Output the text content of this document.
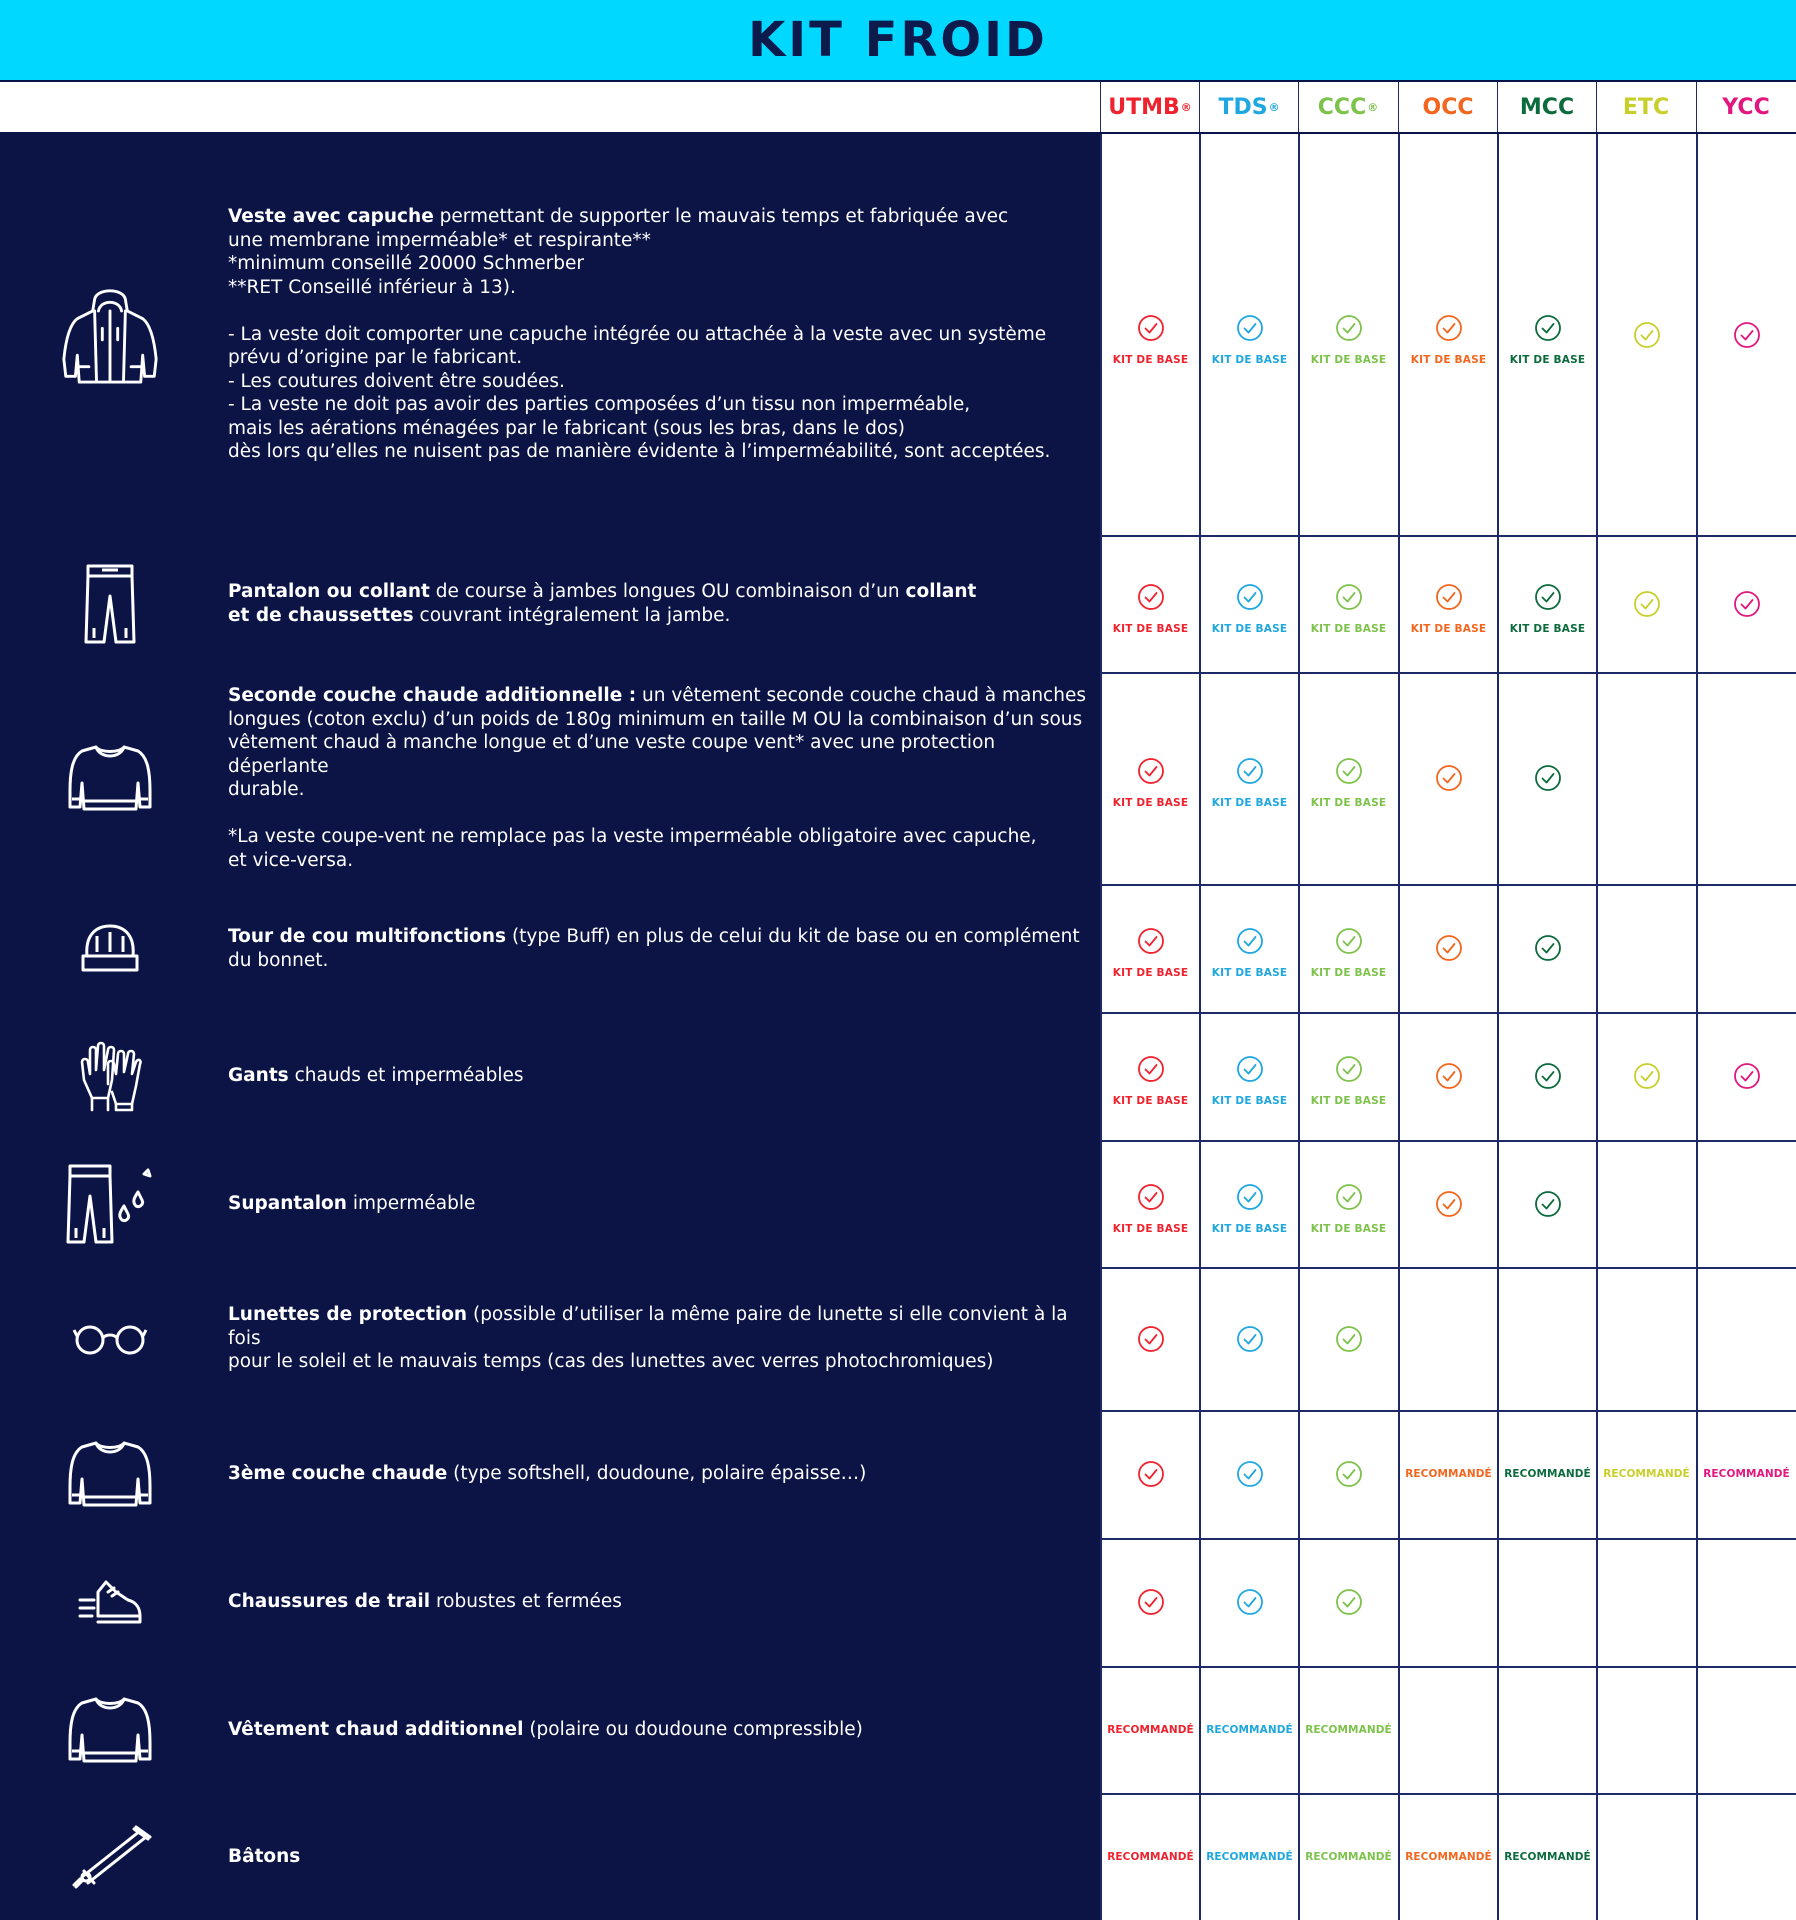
KIT FROID
UTMB ® TDS ® CCC ® OCC MCC ETC YCC
Veste avec capuche permettant de supporter le mauvais temps et fabriquée avec
une membrane imperméable* et respirante**
*minimum conseillé 20000 Schmerber
**RET Conseillé inférieur à 13).

- La veste doit comporter une capuche intégrée ou attachée à la veste avec un système
prévu d’origine par le fabricant.
- Les coutures doivent être soudées.
- La veste ne doit pas avoir des parties composées d’un tissu non imperméable,
mais les aérations ménagées par le fabricant (sous les bras, dans le dos)
dès lors qu’elles ne nuisent pas de manière évidente à l’imperméabilité, sont acceptées.
Pantalon ou collant de course à jambes longues OU combinaison d’un collant
et de chaussettes couvrant intégralement la jambe.
Seconde couche chaude additionnelle : un vêtement seconde couche chaud à manches
longues (coton exclu) d’un poids de 180g minimum en taille M OU la combinaison d’un sous
vêtement chaud à manche longue et d’une veste coupe vent* avec une protection déperlante
durable.

*La veste coupe-vent ne remplace pas la veste imperméable obligatoire avec capuche,
et vice-versa.
Tour de cou multifonctions (type Buff) en plus de celui du kit de base ou en complément
du bonnet.
Gants chauds et imperméables
Supantalon imperméable
Lunettes de protection (possible d’utiliser la même paire de lunette si elle convient à la fois
pour le soleil et le mauvais temps (cas des lunettes avec verres photochromiques)
3ème couche chaude (type softshell, doudoune, polaire épaisse…)
Chaussures de trail robustes et fermées
Vêtement chaud additionnel (polaire ou doudoune compressible)
Bâtons
KIT DE BASE KIT DE BASE KIT DE BASE KIT DE BASE KIT DE BASE
KIT DE BASE KIT DE BASE KIT DE BASE KIT DE BASE KIT DE BASE
KIT DE BASE KIT DE BASE KIT DE BASE
KIT DE BASE KIT DE BASE KIT DE BASE
KIT DE BASE KIT DE BASE KIT DE BASE
KIT DE BASE KIT DE BASE KIT DE BASE
RECOMMANDÉ RECOMMANDÉ RECOMMANDÉ RECOMMANDÉ
RECOMMANDÉ RECOMMANDÉ RECOMMANDÉ
RECOMMANDÉ RECOMMANDÉ RECOMMANDÉ RECOMMANDÉ RECOMMANDÉ
